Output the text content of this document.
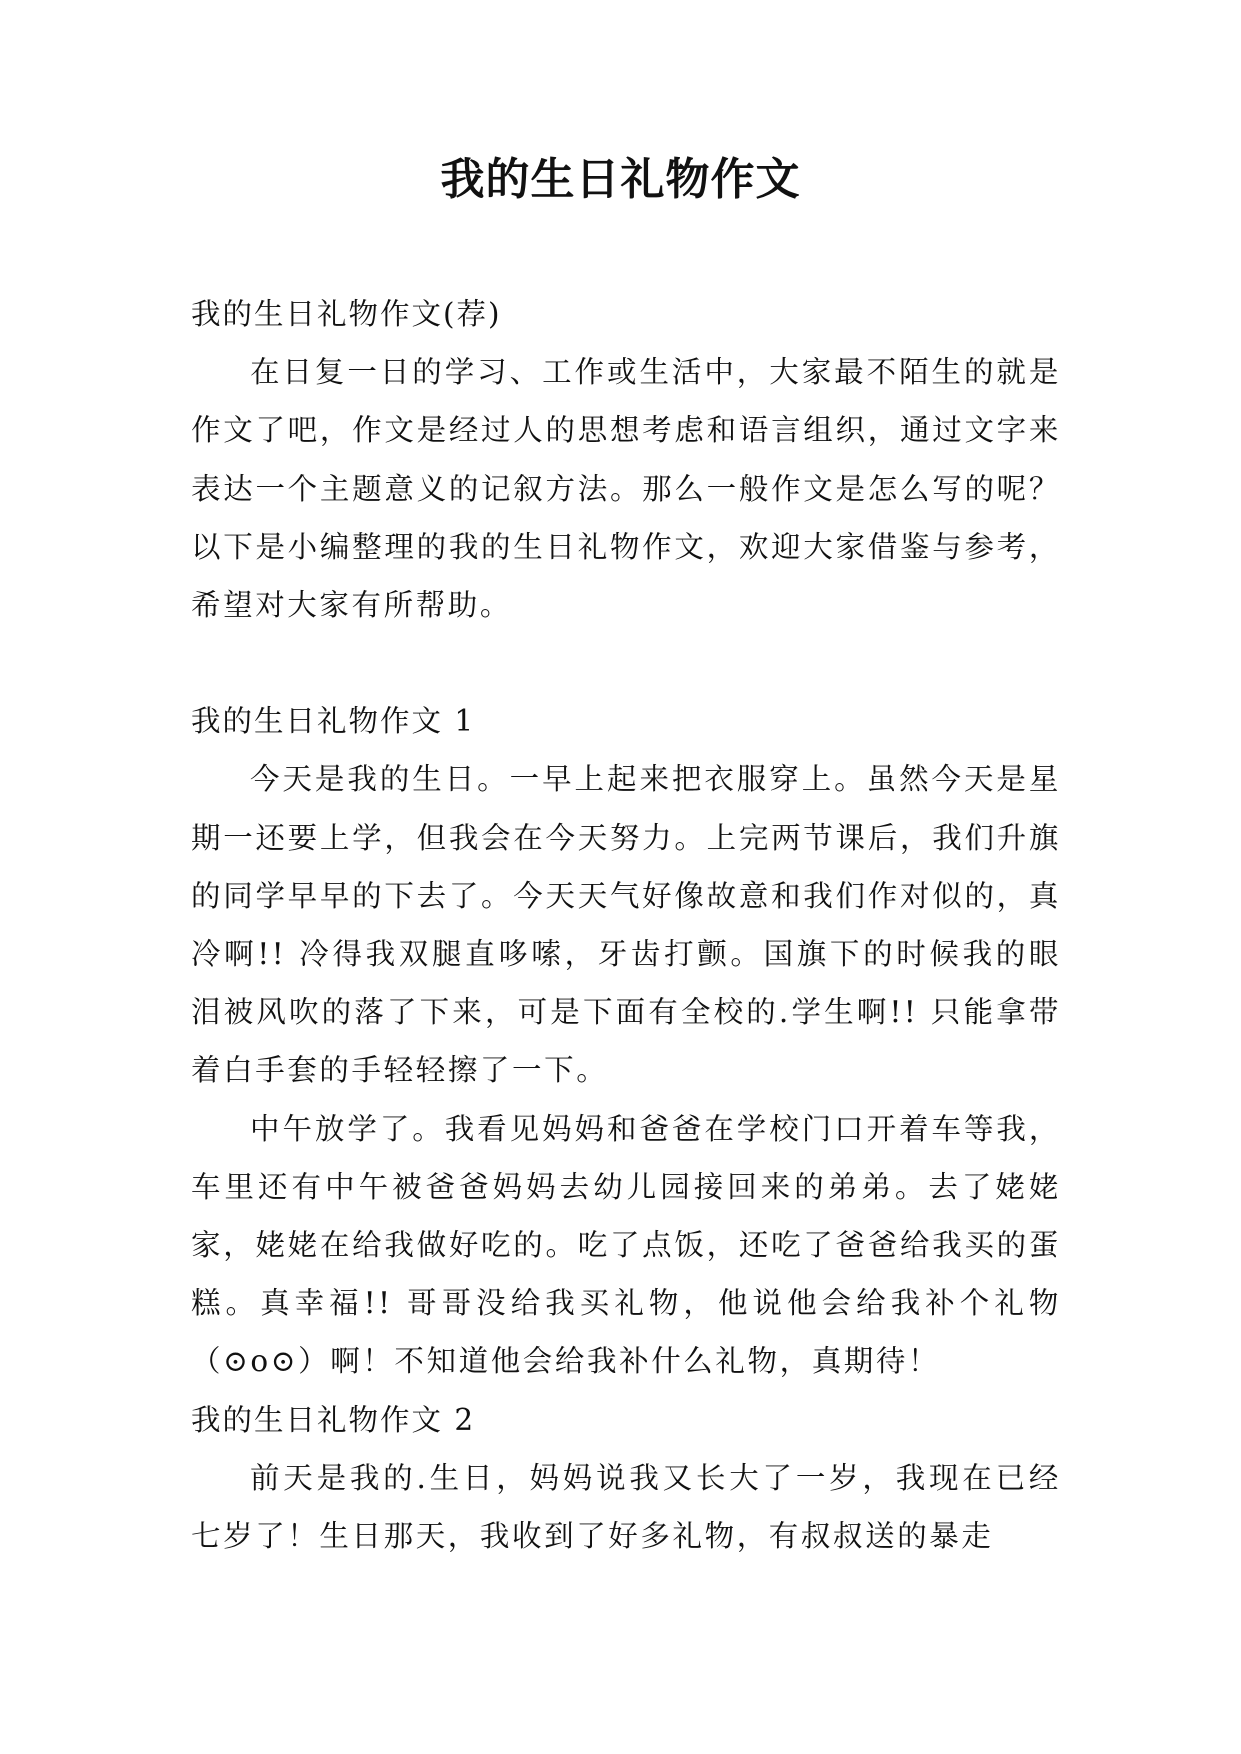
我的生日礼物作文

我的生日礼物作文(荐)

在日复一日的学习、工作或生活中，大家最不陌生的就是作文了吧，作文是经过人的思想考虑和语言组织，通过文字来表达一个主题意义的记叙方法。那么一般作文是怎么写的呢？以下是小编整理的我的生日礼物作文，欢迎大家借鉴与参考，希望对大家有所帮助。

我的生日礼物作文 1

今天是我的生日。一早上起来把衣服穿上。虽然今天是星期一还要上学，但我会在今天努力。上完两节课后，我们升旗的同学早早的下去了。今天天气好像故意和我们作对似的，真冷啊!! 冷得我双腿直哆嗦，牙齿打颤。国旗下的时候我的眼泪被风吹的落了下来，可是下面有全校的.学生啊!! 只能拿带着白手套的手轻轻擦了一下。

中午放学了。我看见妈妈和爸爸在学校门口开着车等我，车里还有中午被爸爸妈妈去幼儿园接回来的弟弟。去了姥姥家，姥姥在给我做好吃的。吃了点饭，还吃了爸爸给我买的蛋糕。真幸福!! 哥哥没给我买礼物，他说他会给我补个礼物（⊙o⊙）啊！不知道他会给我补什么礼物，真期待！

我的生日礼物作文 2

前天是我的.生日，妈妈说我又长大了一岁，我现在已经七岁了！生日那天，我收到了好多礼物，有叔叔送的暴走
